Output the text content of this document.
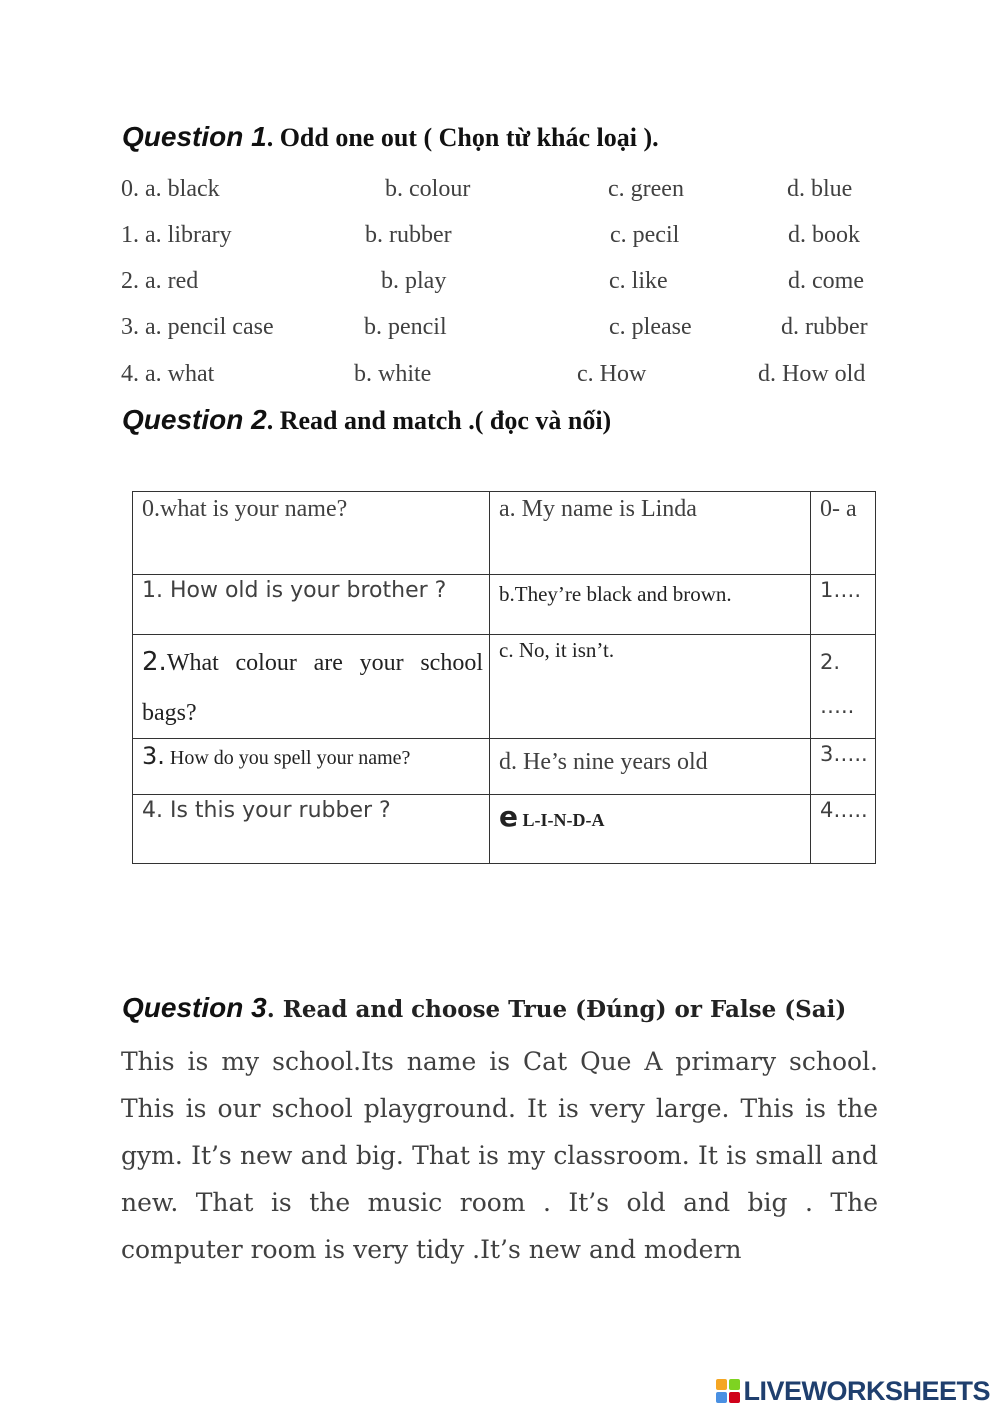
Question 1. Odd one out ( Chọn từ khác loại ).
0. a. black	b. colour	c. green	d. blue
1. a. library	b. rubber	c. pecil	d. book
2. a. red	b. play	c. like	d. come
3. a. pencil case	b. pencil	c. please	d. rubber
4. a. what	b. white	c. How	d. How old
Question 2. Read and match .( đọc và nối)
0.what is your name?	a. My name is Linda	0- a
1. How old is your brother ?	b.They’re black and brown.	1….
2.What colour are your school bags?	c. No, it isn’t.	2.
…..

3. How do you spell your name?	d. He’s nine years old	3…..
4. Is this your rubber ?	e L-I-N-D-A	4…..
Question 3. Read and choose True (Đúng) or False (Sai)
This is my school.Its name is Cat Que A primary school. This is our school playground. It is very large. This is the gym. It’s new and big. That is my classroom. It is small and new. That is the music room . It’s old and big . The computer room is very tidy .It’s new and modern
LIVEWORKSHEETS
